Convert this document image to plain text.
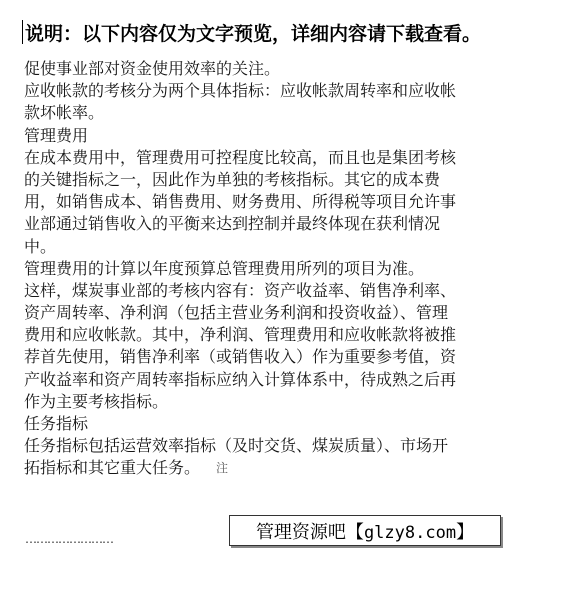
说明：以下内容仅为文字预览，详细内容请下载查看。
促使事业部对资金使用效率的关注。
应收帐款的考核分为两个具体指标：应收帐款周转率和应收帐
款坏帐率。
管理费用
在成本费用中，管理费用可控程度比较高，而且也是集团考核
的关键指标之一，因此作为单独的考核指标。其它的成本费
用，如销售成本、销售费用、财务费用、所得税等项目允许事
业部通过销售收入的平衡来达到控制并最终体现在获利情况
中。
管理费用的计算以年度预算总管理费用所列的项目为准。
这样，煤炭事业部的考核内容有：资产收益率、销售净利率、
资产周转率、净利润（包括主营业务利润和投资收益）、管理
费用和应收帐款。其中，净利润、管理费用和应收帐款将被推
荐首先使用，销售净利率（或销售收入）作为重要参考值，资
产收益率和资产周转率指标应纳入计算体系中，待成熟之后再
作为主要考核指标。
任务指标
任务指标包括运营效率指标（及时交货、煤炭质量）、市场开
拓指标和其它重大任务。 $^注$
……………………	管理资源吧【glzy8.com】
